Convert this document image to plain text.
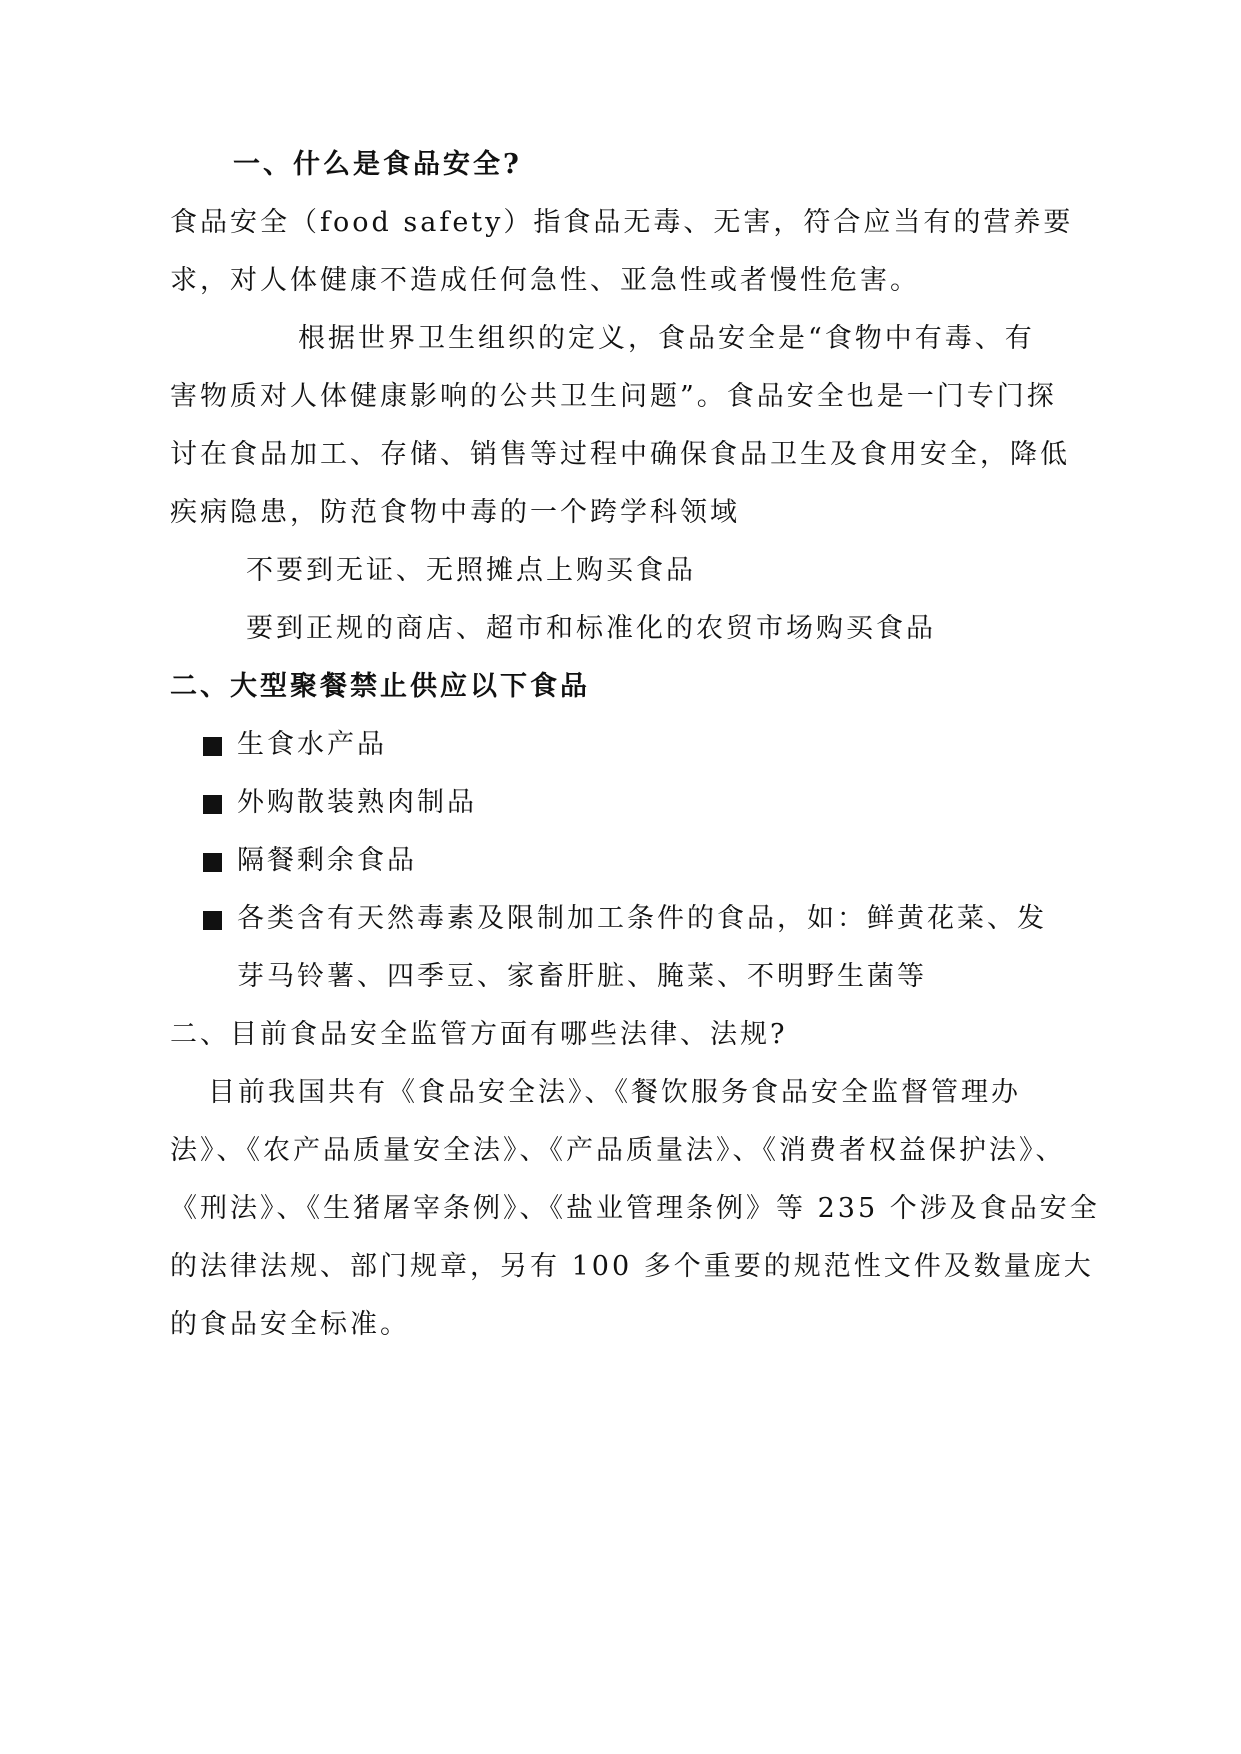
一、什么是食品安全?
食品安全（food safety）指食品无毒、无害，符合应当有的营养要
求，对人体健康不造成任何急性、亚急性或者慢性危害。
根据世界卫生组织的定义，食品安全是“食物中有毒、有
害物质对人体健康影响的公共卫生问题”。食品安全也是一门专门探
讨在食品加工、存储、销售等过程中确保食品卫生及食用安全，降低
疾病隐患，防范食物中毒的一个跨学科领域
不要到无证、无照摊点上购买食品
要到正规的商店、超市和标准化的农贸市场购买食品
二、大型聚餐禁止供应以下食品
生食水产品
外购散装熟肉制品
隔餐剩余食品
各类含有天然毒素及限制加工条件的食品，如：鲜黄花菜、发
芽马铃薯、四季豆、家畜肝脏、腌菜、不明野生菌等
二、目前食品安全监管方面有哪些法律、法规?
目前我国共有《食品安全法》、《餐饮服务食品安全监督管理办
法》、《农产品质量安全法》、《产品质量法》、《消费者权益保护法》、
《刑法》、《生猪屠宰条例》、《盐业管理条例》等 235 个涉及食品安全
的法律法规、部门规章，另有 100 多个重要的规范性文件及数量庞大
的食品安全标准。
